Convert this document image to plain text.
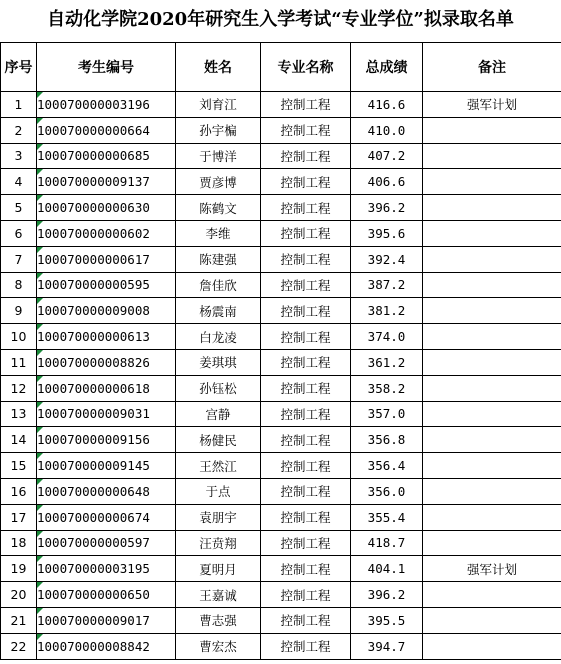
自动化学院2020年研究生入学考试“专业学位”拟录取名单
序号	考生编号	姓名	专业名称	总成绩	备注
1	100070000003196	刘育江	控制工程	416.6	强军计划
2	100070000000664	孙宇楄	控制工程	410.0	
3	100070000000685	于博洋	控制工程	407.2	
4	100070000009137	贾彦博	控制工程	406.6	
5	100070000000630	陈鹤文	控制工程	396.2	
6	100070000000602	李维	控制工程	395.6	
7	100070000000617	陈建强	控制工程	392.4	
8	100070000000595	詹佳欣	控制工程	387.2	
9	100070000009008	杨震南	控制工程	381.2	
10	100070000000613	白龙凌	控制工程	374.0	
11	100070000008826	姜琪琪	控制工程	361.2	
12	100070000000618	孙钰松	控制工程	358.2	
13	100070000009031	宫静	控制工程	357.0	
14	100070000009156	杨健民	控制工程	356.8	
15	100070000009145	王然江	控制工程	356.4	
16	100070000000648	于点	控制工程	356.0	
17	100070000000674	袁朋宇	控制工程	355.4	
18	100070000000597	汪贲翔	控制工程	418.7	
19	100070000003195	夏明月	控制工程	404.1	强军计划
20	100070000000650	王嘉诚	控制工程	396.2	
21	100070000009017	曹志强	控制工程	395.5	
22	100070000008842	曹宏杰	控制工程	394.7	
